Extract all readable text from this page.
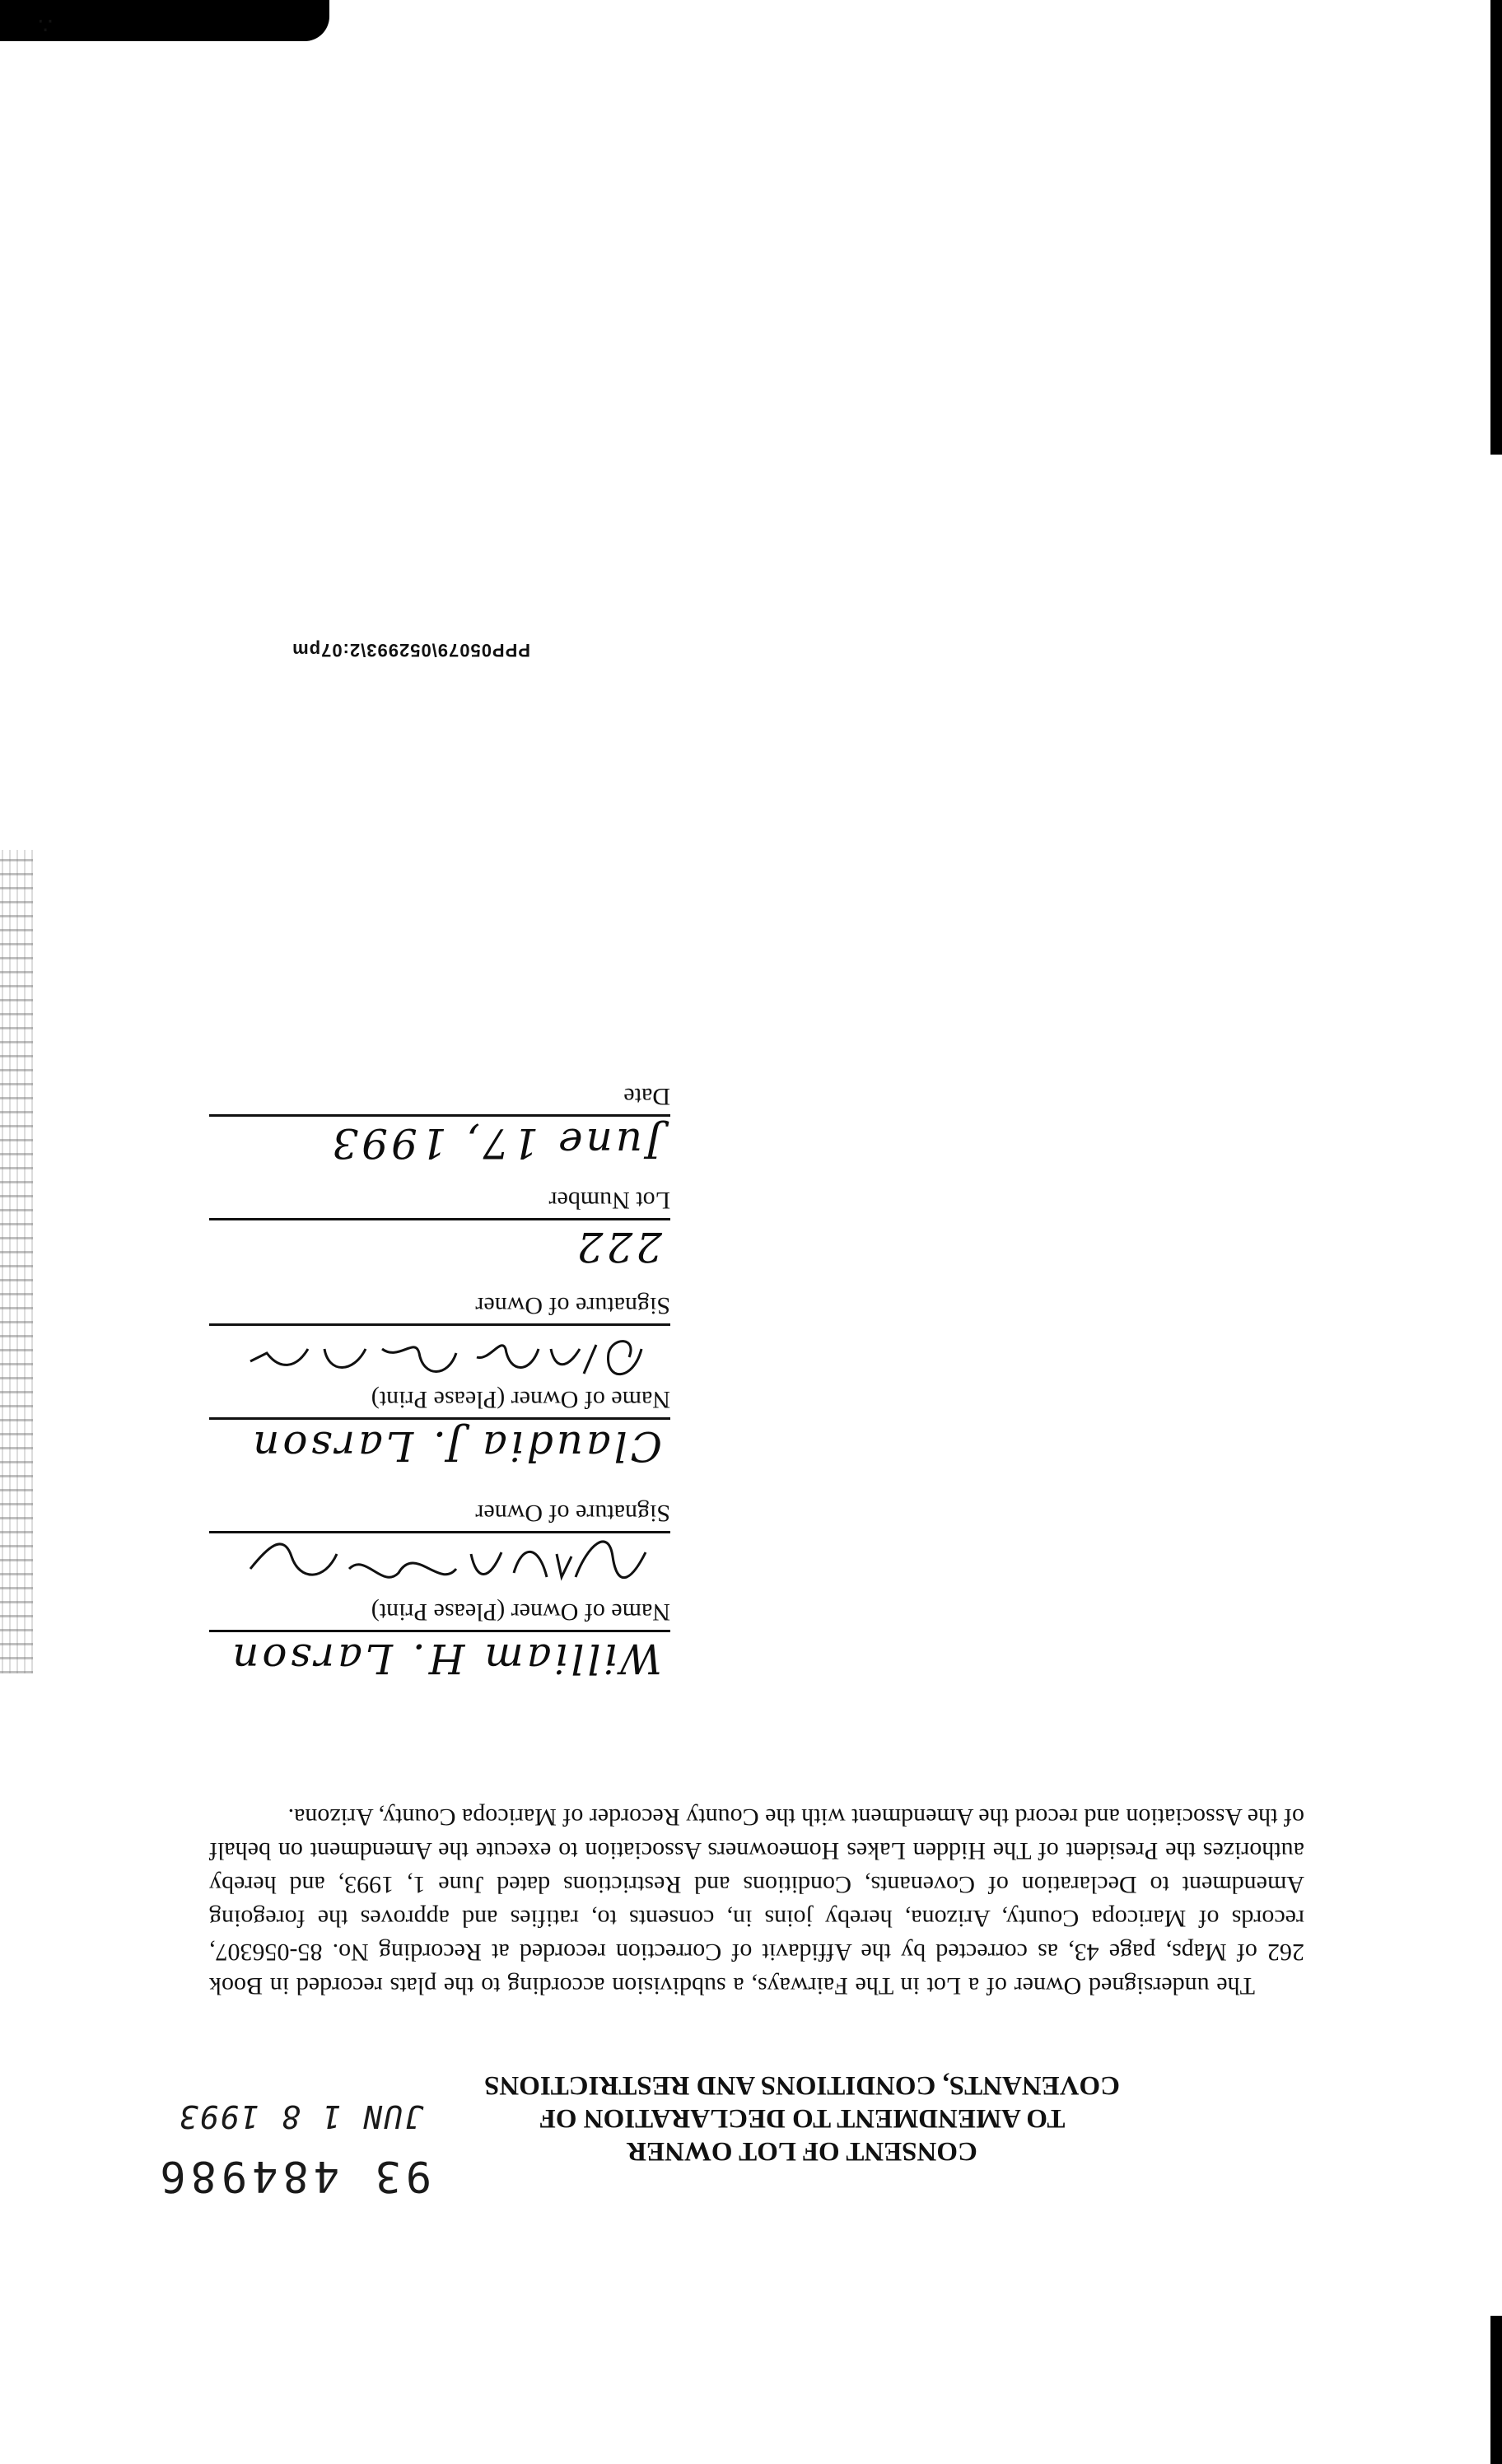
93 484986
JUN 1 8 1993
CONSENT OF LOT OWNER
TO AMENDMENT TO DECLARATION OF
COVENANTS, CONDITIONS AND RESTRICTIONS
The undersigned Owner of a Lot in The Fairways, a subdivision according to the plats recorded in Book 262 of Maps, page 43, as corrected by the Affidavit of Correction recorded at Recording No. 85-056307, records of Maricopa County, Arizona, hereby joins in, consents to, ratifies and approves the foregoing Amendment to Declaration of Covenants, Conditions and Restrictions dated June 1, 1993, and hereby authorizes the President of The Hidden Lakes Homeowners Association to execute the Amendment on behalf of the Association and record the Amendment with the County Recorder of Maricopa County, Arizona.
William H. Larson
Name of Owner (Please Print)
Signature of Owner
Claudia J. Larson
Name of Owner (Please Print)
Signature of Owner
222
Lot Number
June 17, 1993
Date
PPP05079\052993\2:07pm
∴
